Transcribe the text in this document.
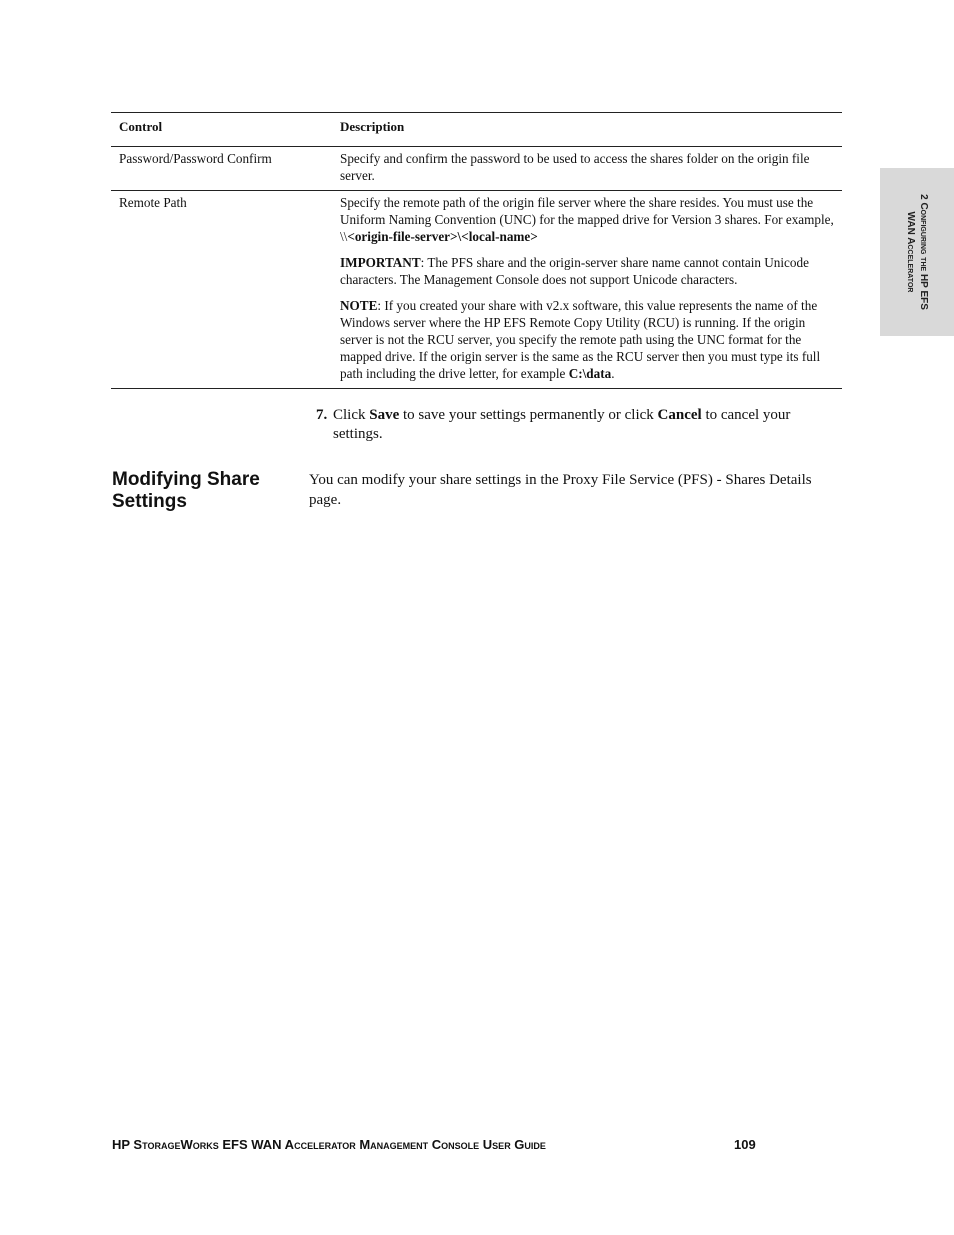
Control	Description
Password/Password Confirm	Specify and confirm the password to be used to access the shares folder on the origin file server.
Remote Path	Specify the remote path of the origin file server where the share resides. You must use the Uniform Naming Convention (UNC) for the mapped drive for Version 3 shares. For example, \\<origin-file-server>\<local-name>

IMPORTANT: The PFS share and the origin-server share name cannot contain Unicode characters. The Management Console does not support Unicode characters.

NOTE: If you created your share with v2.x software, this value represents the name of the Windows server where the HP EFS Remote Copy Utility (RCU) is running. If the origin server is not the RCU server, you specify the remote path using the UNC format for the mapped drive. If the origin server is the same as the RCU server then you must type its full path including the drive letter, for example C:\data.

7. Click Save to save your settings permanently or click Cancel to cancel your settings.
Modifying Share Settings
You can modify your share settings in the Proxy File Service (PFS) - Shares Details page.
2 Configuring the HP EFS
WAN Accelerator
HP StorageWorks EFS WAN Accelerator Management Console User Guide	109
